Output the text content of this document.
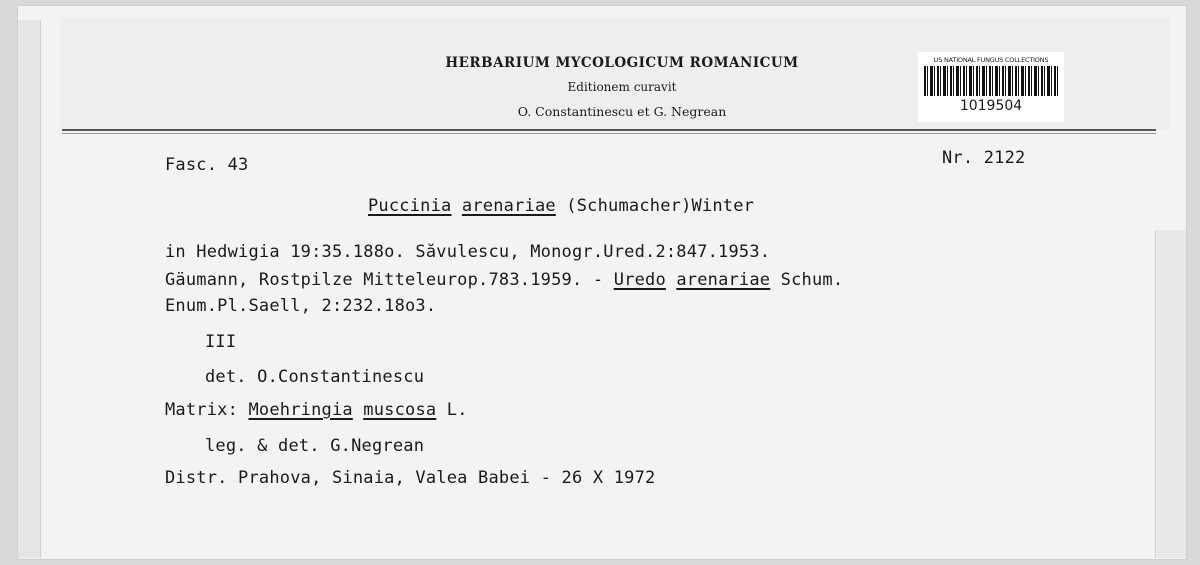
HERBARIUM MYCOLOGICUM ROMANICUM
Editionem curavit
O. Constantinescu et G. Negrean
US NATIONAL FUNGUS COLLECTIONS
1019504
Fasc. 43	Nr. 2122
Puccinia arenariae (Schumacher)Winter
in Hedwigia 19:35.188o. Săvulescu, Monogr.Ured.2:847.1953.
Gäumann, Rostpilze Mitteleurop.783.1959. - Uredo arenariae Schum.
Enum.Pl.Saell, 2:232.18o3.
III
det. O.Constantinescu
Matrix: Moehringia muscosa L.
leg. & det. G.Negrean
Distr. Prahova, Sinaia, Valea Babei - 26 X 1972
